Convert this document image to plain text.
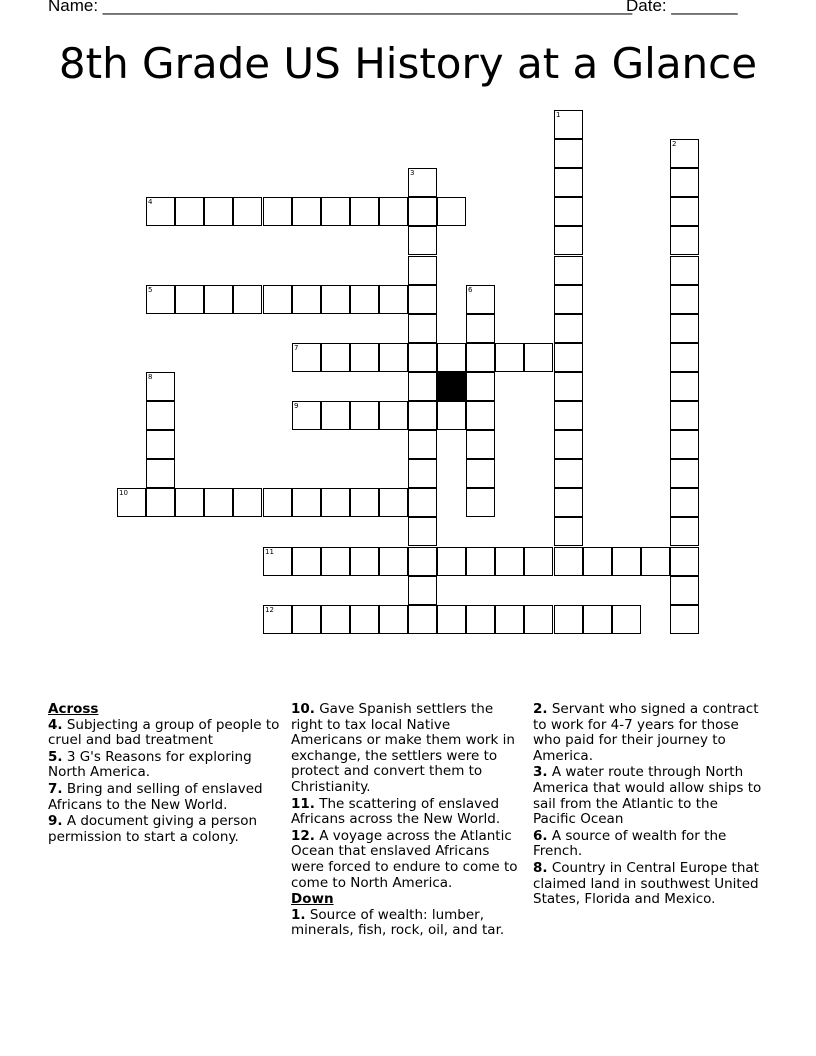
Name: ________________________________________________________
Date: _______
8th Grade US History at a Glance
1
2
3
4
5	6
7
8
9
10
11
12
Across
4. Subjecting a group of people to cruel and bad treatment
5. 3 G's Reasons for exploring North America.
7. Bring and selling of enslaved Africans to the New World.
9. A document giving a person permission to start a colony.
10. Gave Spanish settlers the right to tax local Native Americans or make them work in exchange, the settlers were to protect and convert them to Christianity.
11. The scattering of enslaved Africans across the New World.
12. A voyage across the Atlantic Ocean that enslaved Africans were forced to endure to come to come to North America.
Down
1. Source of wealth: lumber, minerals, fish, rock, oil, and tar.
2. Servant who signed a contract to work for 4-7 years for those who paid for their journey to America.
3. A water route through North America that would allow ships to sail from the Atlantic to the Pacific Ocean
6. A source of wealth for the French.
8. Country in Central Europe that claimed land in southwest United States, Florida and Mexico.
